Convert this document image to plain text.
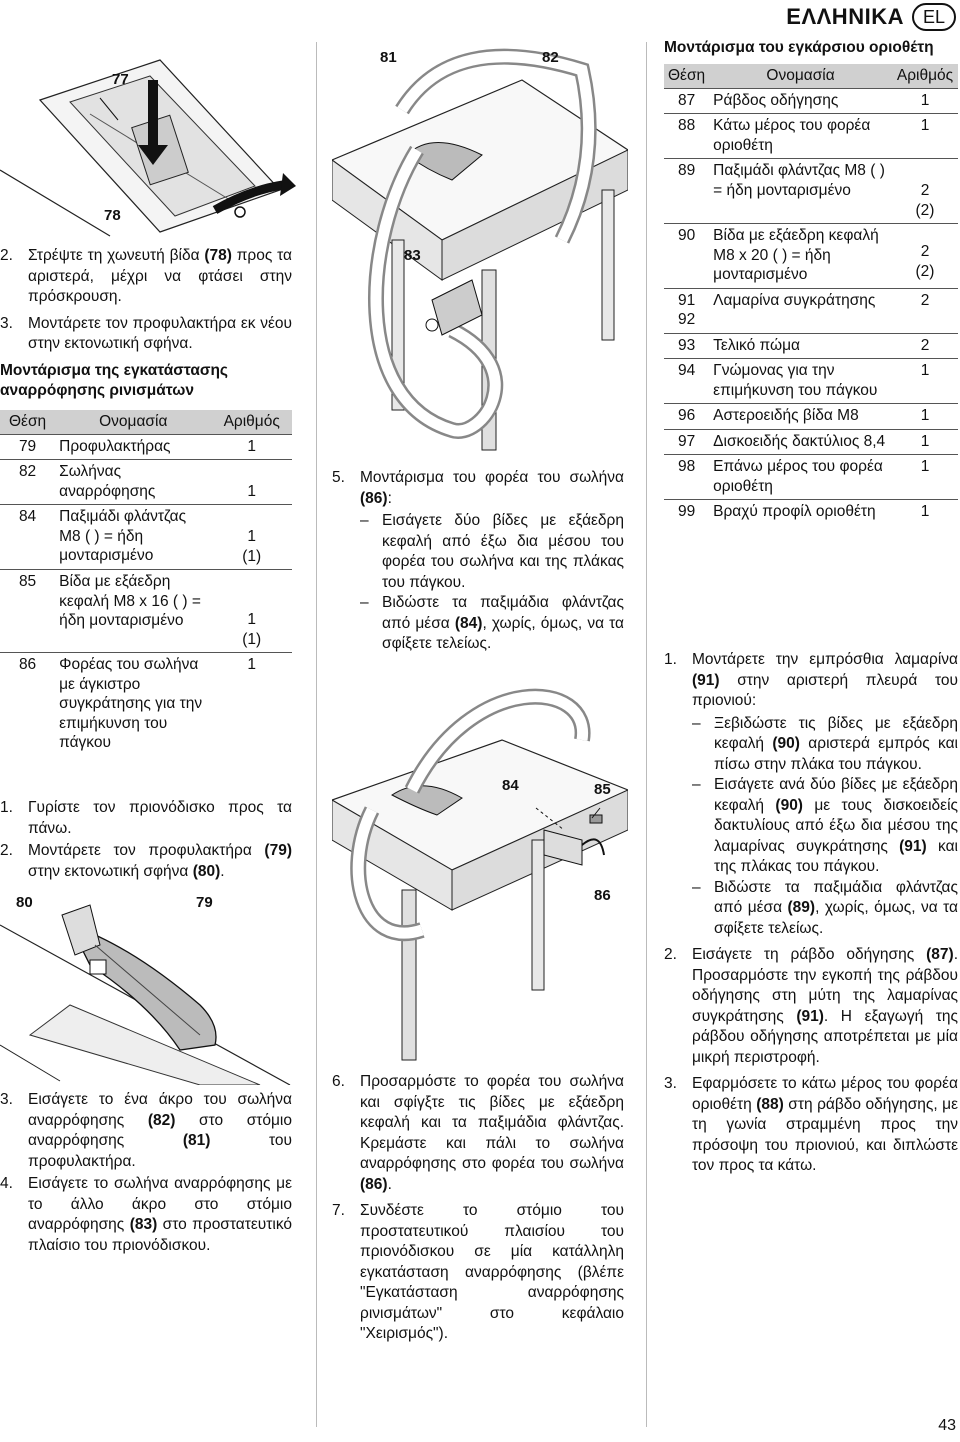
ΕΛΛΗΝΙΚΑ	EL
77
78
2. Στρέψτε τη χωνευτή βίδα (78) προς τα αριστερά, μέχρι να φτάσει στην πρόσκρουση.
3. Μοντάρετε τον προφυλακτήρα εκ νέου στην εκτονωτική σφήνα.
Μοντάρισμα της εγκατάστασης αναρρόφησης ρινισμάτων
Θέση	Ονομασία	Αριθμός
79	Προφυλακτήρας	1
82	Σωλήνας αναρρόφησης	1
84	Παξιμάδι φλάντζας M8 ( ) = ήδη μονταρισμένο	1
(1)

85	Βίδα με εξάεδρη κεφαλή M8 x 16 ( ) = ήδη μονταρισμένο	1
(1)

86	Φορέας του σωλήνα με άγκιστρο συγκράτησης για την επιμήκυνση του πάγκου	1
1. Γυρίστε τον πριονόδισκο προς τα πάνω.
2. Μοντάρετε τον προφυλακτήρα (79) στην εκτονωτική σφήνα (80).
80	79
3. Εισάγετε το ένα άκρο του σωλήνα αναρρόφησης (82) στο στόμιο αναρρόφησης (81) του προφυλακτήρα.
4. Εισάγετε το σωλήνα αναρρόφησης με το άλλο άκρο στο στόμιο αναρρόφησης (83) στο προστατευτικό πλαίσιο του πριονόδισκου.
81	82
83
5. Μοντάρισμα του φορέα του σωλήνα (86):
– Εισάγετε δύο βίδες με εξάεδρη κεφαλή από έξω δια μέσου του φορέα του σωλήνα και της πλάκας του πάγκου.
– Βιδώστε τα παξιμάδια φλάντζας από μέσα (84), χωρίς, όμως, να τα σφίξετε τελείως.
84	85
86
6. Προσαρμόστε το φορέα του σωλήνα και σφίγξτε τις βίδες με εξάεδρη κεφαλή και τα παξιμάδια φλάντζας. Κρεμάστε και πάλι το σωλήνα αναρρόφησης στο φορέα του σωλήνα (86).
7. Συνδέστε το στόμιο του προστατευτικού πλαισίου του πριονόδισκου σε μία κατάλληλη εγκατάσταση αναρρόφησης (βλέπε "Εγκατάσταση αναρρόφησης ρινισμάτων" στο κεφάλαιο "Χειρισμός").
Μοντάρισμα του εγκάρσιου οριοθέτη
Θέση	Ονομασία	Αριθμός
87	Ράβδος οδήγησης	1
88	Κάτω μέρος του φορέα οριοθέτη	1
89	Παξιμάδι φλάντζας M8 ( ) = ήδη μονταρισμένο	2
(2)

90	Βίδα με εξάεδρη κεφαλή M8 x 20 ( ) = ήδη μονταρισμένο	2
(2)

91 92	Λαμαρίνα συγκράτησης	2
93	Τελικό πώμα	2
94	Γνώμονας για την επιμήκυνση του πάγκου	1
96	Αστεροειδής βίδα M8	1
97	Δισκοειδής δακτύλιος 8,4	1
98	Επάνω μέρος του φορέα οριοθέτη	1
99	Βραχύ προφίλ οριοθέτη	1
1. Μοντάρετε την εμπρόσθια λαμαρίνα (91) στην αριστερή πλευρά του πριονιού:
– Ξεβιδώστε τις βίδες με εξάεδρη κεφαλή (90) αριστερά εμπρός και πίσω στην πλάκα του πάγκου.
– Εισάγετε ανά δύο βίδες με εξάεδρη κεφαλή (90) με τους δισκοειδείς δακτυλίους από έξω δια μέσου της λαμαρίνας συγκράτησης (91) και της πλάκας του πάγκου.
– Βιδώστε τα παξιμάδια φλάντζας από μέσα (89), χωρίς, όμως, να τα σφίξετε τελείως.
2. Εισάγετε τη ράβδο οδήγησης (87). Προσαρμόστε την εγκοπή της ράβδου οδήγησης στη μύτη της λαμαρίνας συγκράτησης (91). Η εξαγωγή της ράβδου οδήγησης αποτρέπεται με μία μικρή περιστροφή.
3. Εφαρμόσετε το κάτω μέρος του φορέα οριοθέτη (88) στη ράβδο οδήγησης, με τη γωνία στραμμένη προς την πρόσοψη του πριονιού, και διπλώστε τον προς τα κάτω.
43
